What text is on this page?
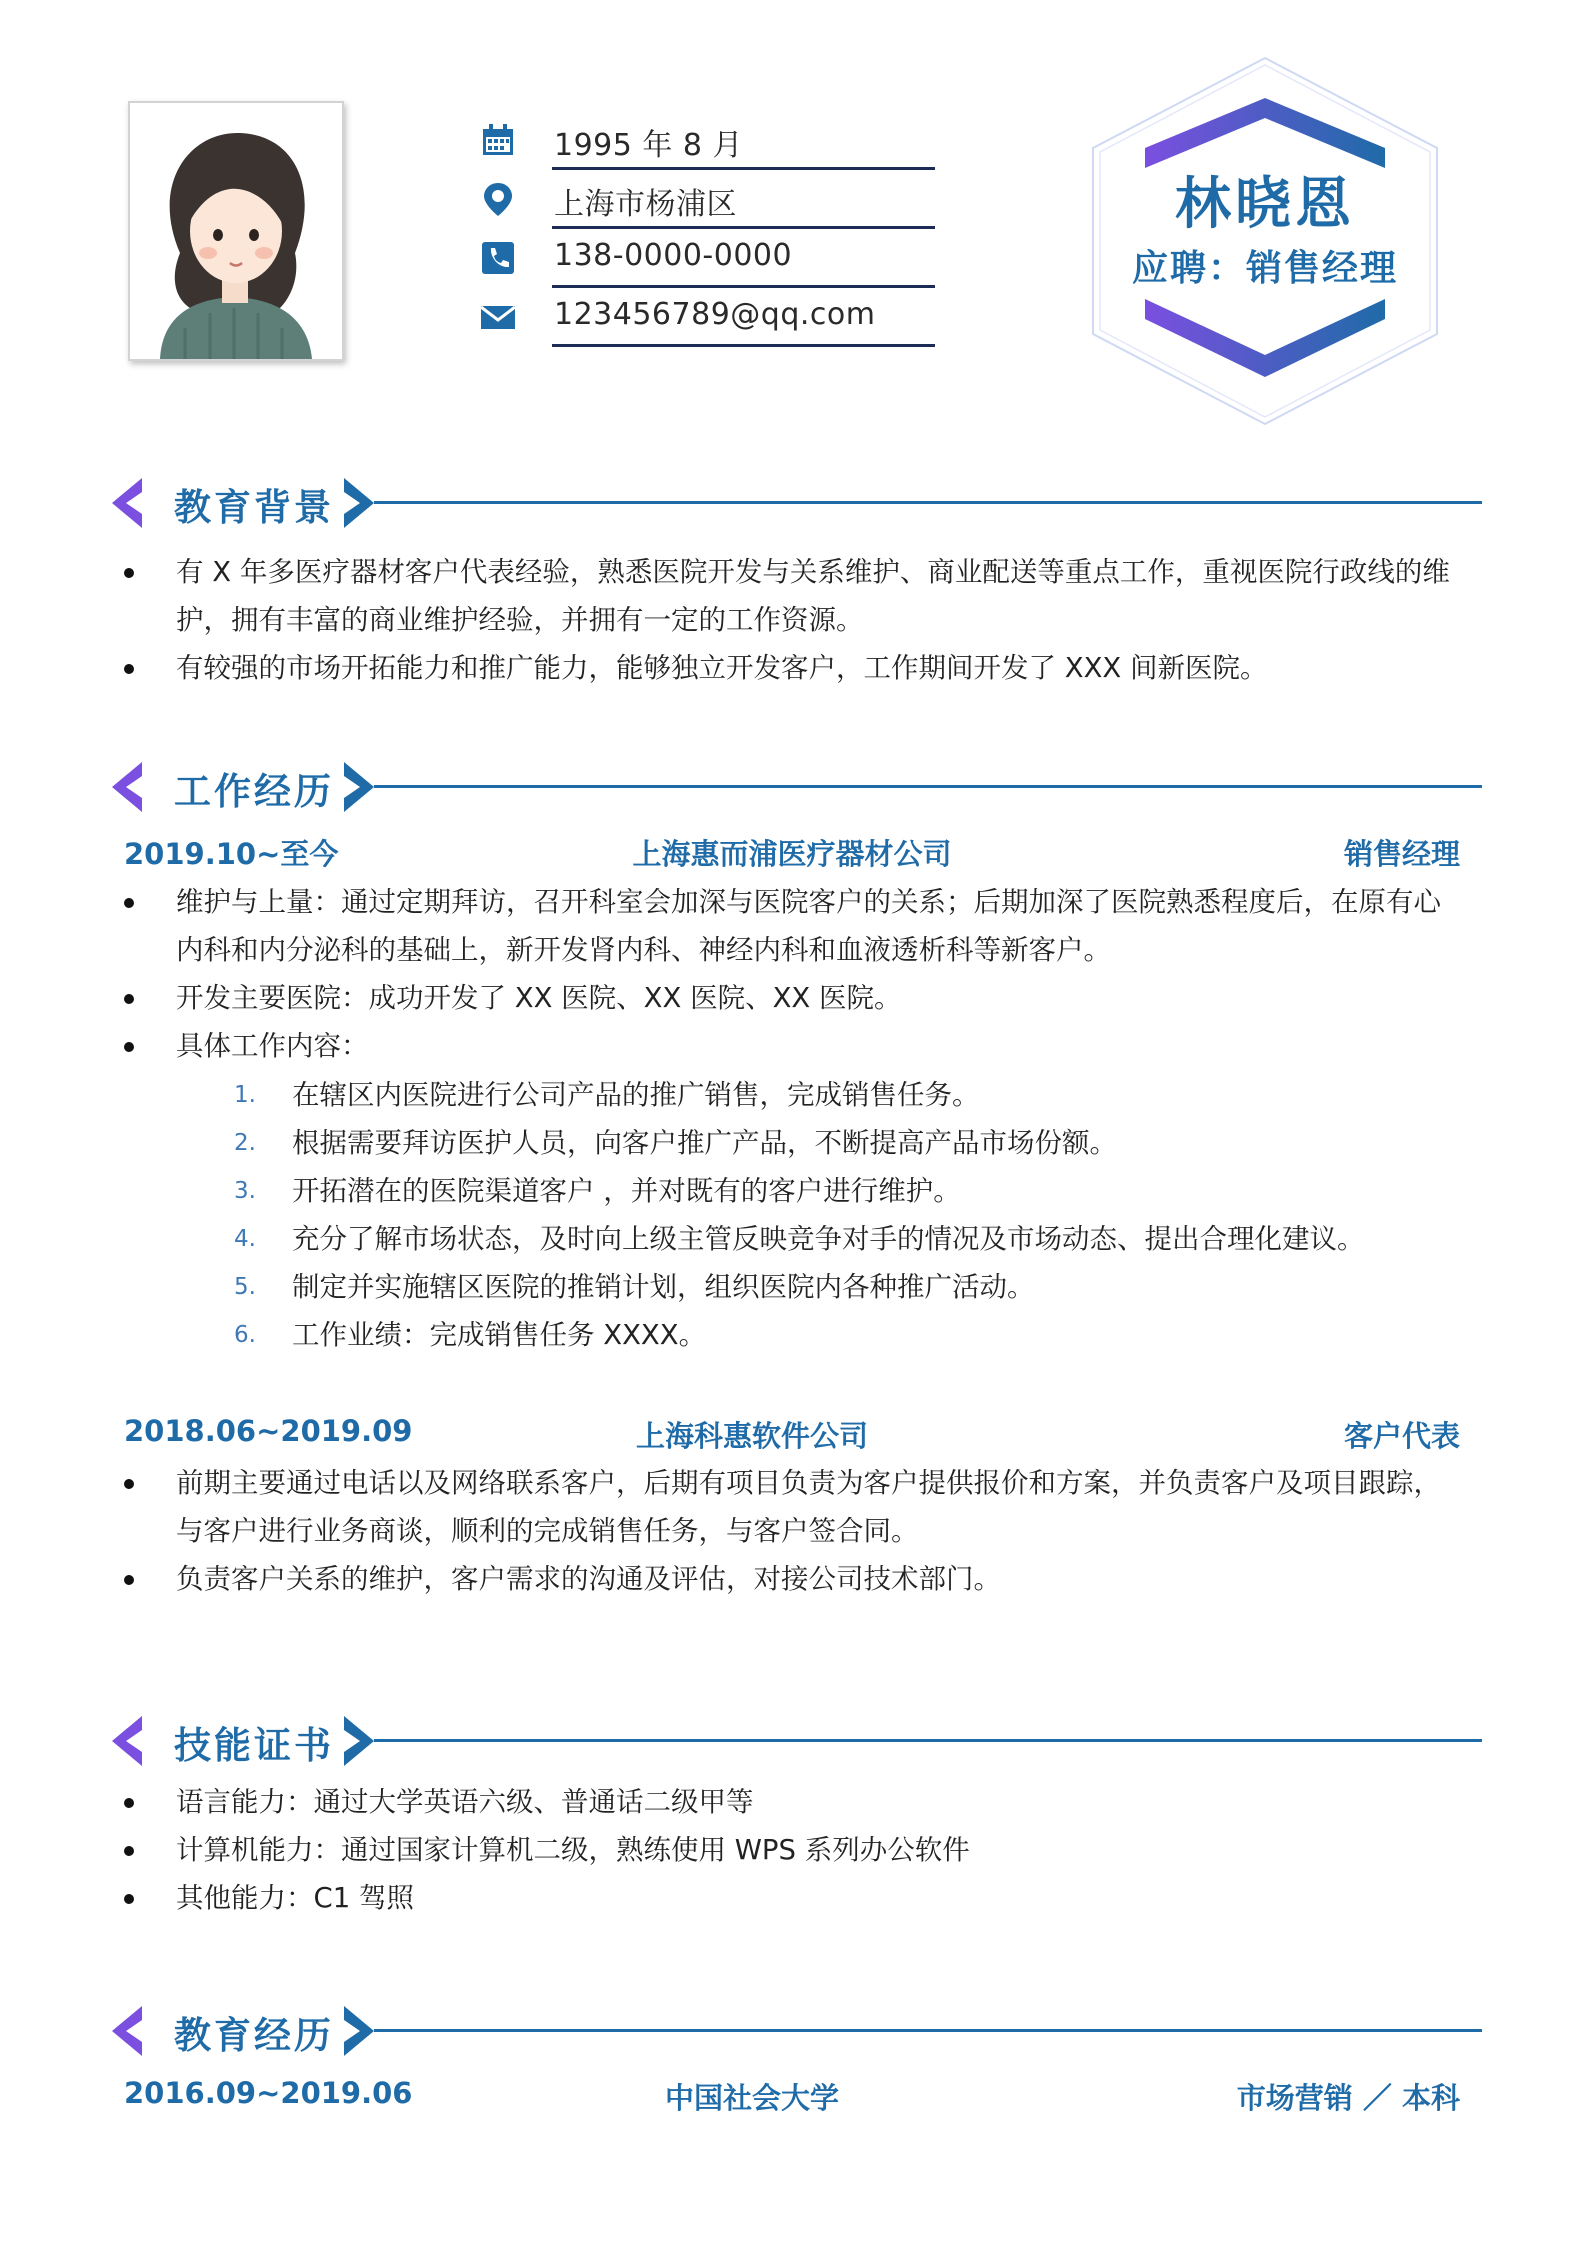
1995 年 8 月
上海市杨浦区
138-0000-0000
123456789@qq.com
林晓恩
应聘：销售经理
教育背景
有 X 年多医疗器材客户代表经验，熟悉医院开发与关系维护、商业配送等重点工作，重视医院行政线的维
护，拥有丰富的商业维护经验，并拥有一定的工作资源。
有较强的市场开拓能力和推广能力，能够独立开发客户，工作期间开发了 XXX 间新医院。
工作经历
2019.10~至今	上海惠而浦医疗器材公司	销售经理
维护与上量：通过定期拜访，召开科室会加深与医院客户的关系；后期加深了医院熟悉程度后，在原有心
内科和内分泌科的基础上，新开发肾内科、神经内科和血液透析科等新客户。
开发主要医院：成功开发了 XX 医院、XX 医院、XX 医院。
具体工作内容：
1. 在辖区内医院进行公司产品的推广销售，完成销售任务。
2. 根据需要拜访医护人员，向客户推广产品，不断提高产品市场份额。
3. 开拓潜在的医院渠道客户 ，并对既有的客户进行维护。
4. 充分了解市场状态，及时向上级主管反映竞争对手的情况及市场动态、提出合理化建议。
5. 制定并实施辖区医院的推销计划，组织医院内各种推广活动。
6. 工作业绩：完成销售任务 XXXX。
2018.06~2019.09	上海科惠软件公司	客户代表
前期主要通过电话以及网络联系客户，后期有项目负责为客户提供报价和方案，并负责客户及项目跟踪，
与客户进行业务商谈，顺利的完成销售任务，与客户签合同。
负责客户关系的维护，客户需求的沟通及评估，对接公司技术部门。
技能证书
语言能力：通过大学英语六级、普通话二级甲等
计算机能力：通过国家计算机二级，熟练使用 WPS 系列办公软件
其他能力：C1 驾照
教育经历
2016.09~2019.06	中国社会大学	市场营销 ／ 本科
